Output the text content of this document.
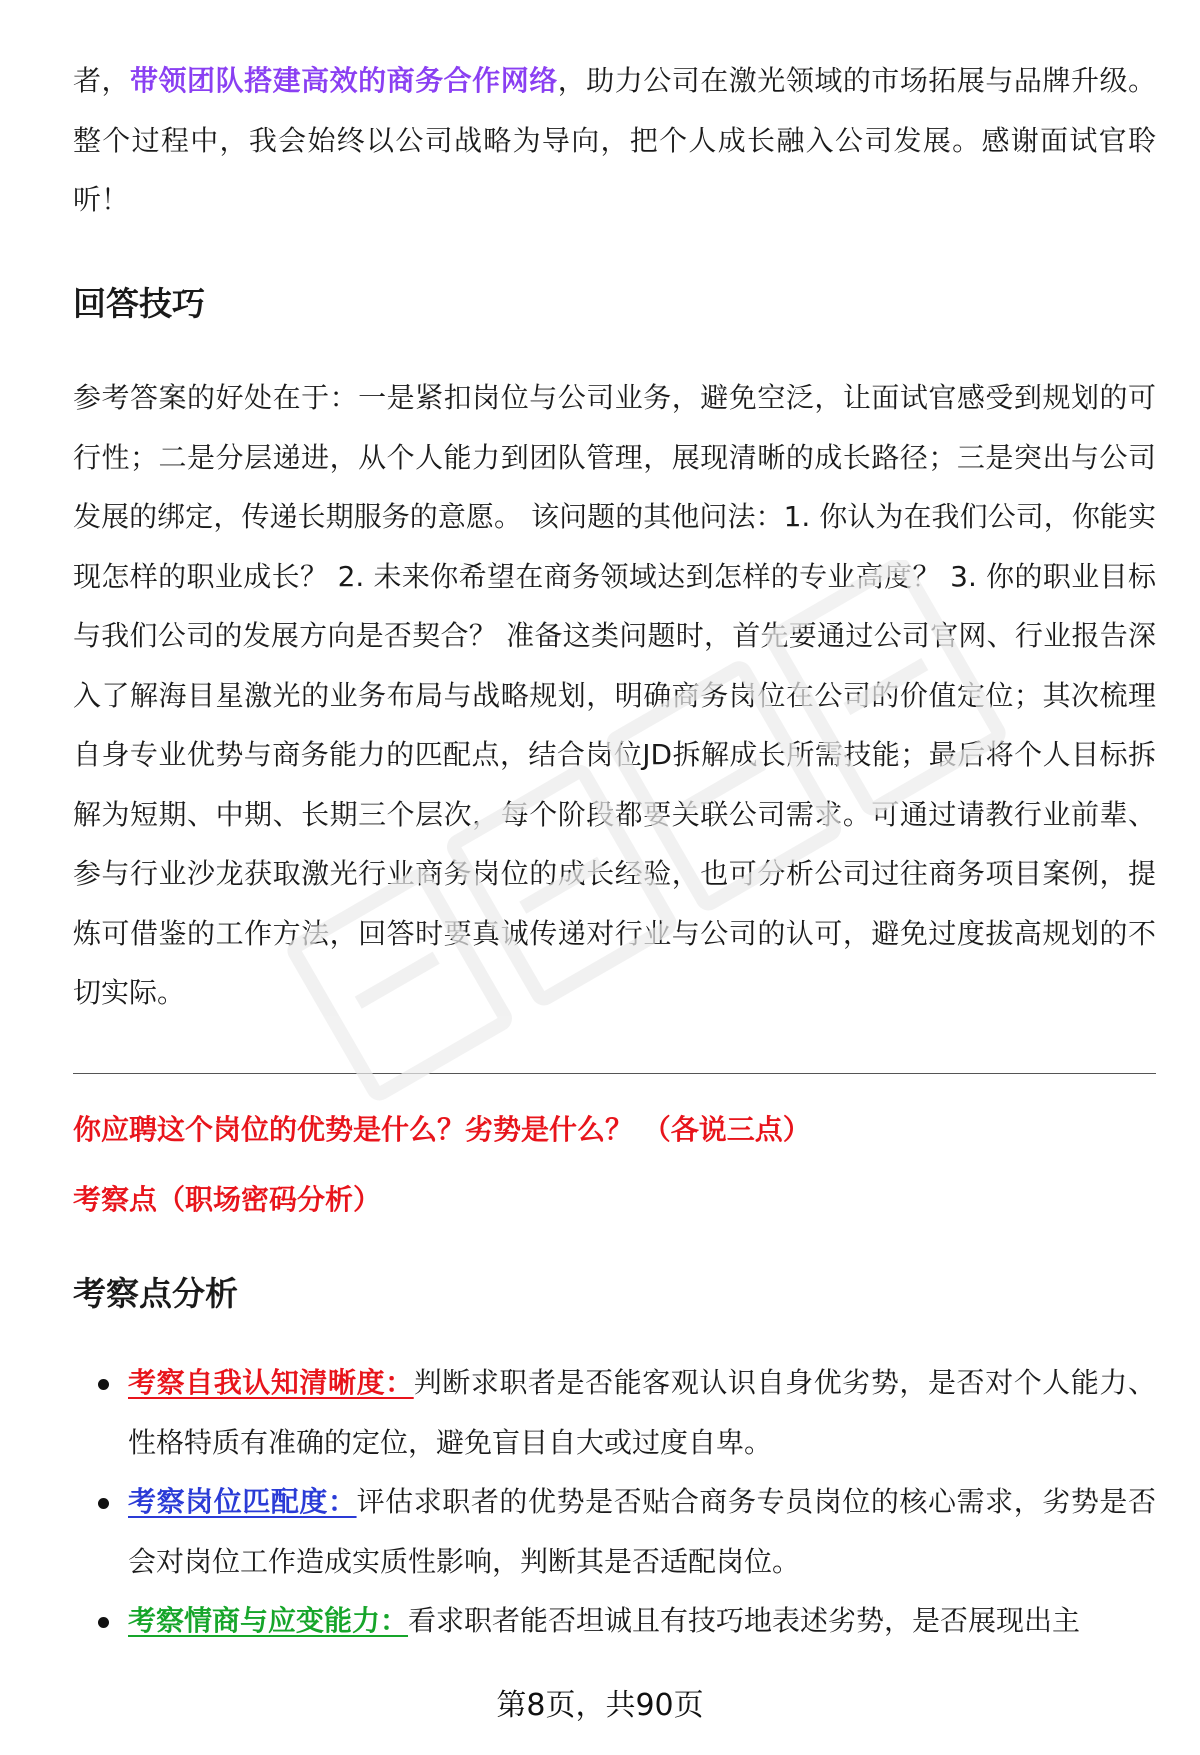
者，带领团队搭建高效的商务合作网络，助力公司在激光领域的市场拓展与品牌升级。整个过程中，我会始终以公司战略为导向，把个人成长融入公司发展。感谢面试官聆听！

回答技巧

参考答案的好处在于：一是紧扣岗位与公司业务，避免空泛，让面试官感受到规划的可行性；二是分层递进，从个人能力到团队管理，展现清晰的成长路径；三是突出与公司发展的绑定，传递长期服务的意愿。 该问题的其他问法：1. 你认为在我们公司，你能实现怎样的职业成长？ 2. 未来你希望在商务领域达到怎样的专业高度？ 3. 你的职业目标与我们公司的发展方向是否契合？ 准备这类问题时，首先要通过公司官网、行业报告深入了解海目星激光的业务布局与战略规划，明确商务岗位在公司的价值定位；其次梳理自身专业优势与商务能力的匹配点，结合岗位JD拆解成长所需技能；最后将个人目标拆解为短期、中期、长期三个层次，每个阶段都要关联公司需求。可通过请教行业前辈、参与行业沙龙获取激光行业商务岗位的成长经验，也可分析公司过往商务项目案例，提炼可借鉴的工作方法，回答时要真诚传递对行业与公司的认可，避免过度拔高规划的不切实际。

你应聘这个岗位的优势是什么？劣势是什么？ （各说三点）

考察点（职场密码分析）

考察点分析
考察自我认知清晰度：判断求职者是否能客观认识自身优劣势，是否对个人能力、性格特质有准确的定位，避免盲目自大或过度自卑。
考察岗位匹配度：评估求职者的优势是否贴合商务专员岗位的核心需求，劣势是否会对岗位工作造成实质性影响，判断其是否适配岗位。
考察情商与应变能力：看求职者能否坦诚且有技巧地表述劣势，是否展现出主
第8页，共90页
